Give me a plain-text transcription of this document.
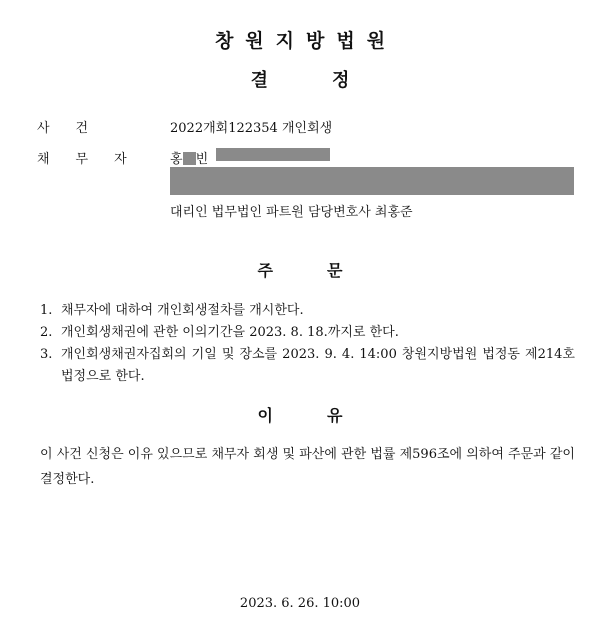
창원지방법원
결	정
사건	2022개회122354 개인회생
채무자 홍 빈
대리인 법무법인 파트원 담당변호사 최홍준
주	문
1. 채무자에 대하여 개인회생절차를 개시한다.
2. 개인회생채권에 관한 이의기간을 2023. 8. 18.까지로 한다.
3. 개인회생채권자집회의 기일 및 장소를 2023. 9. 4. 14:00 창원지방법원 법정동 제214호 법정으로 한다.
이	유
이 사건 신청은 이유 있으므로 채무자 회생 및 파산에 관한 법률 제596조에 의하여 주문과 같이 결정한다.
2023. 6. 26. 10:00
